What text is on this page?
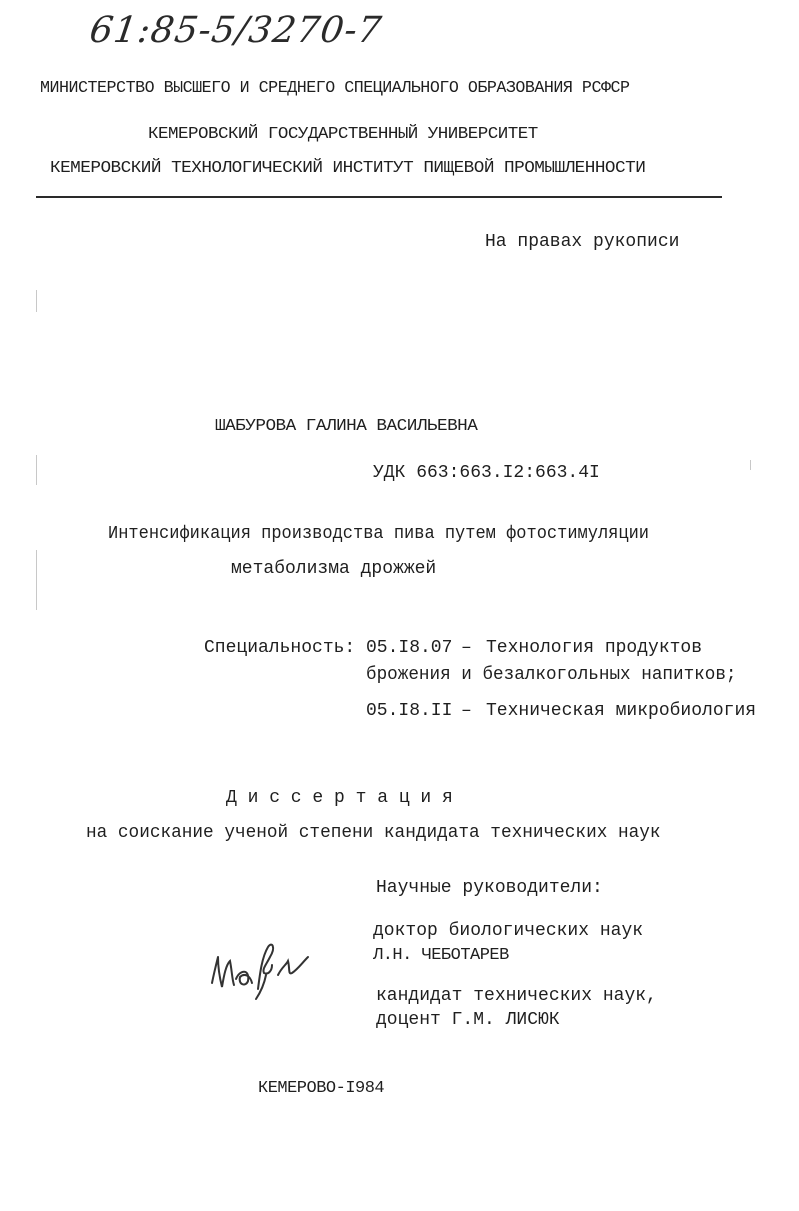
61:85-5/3270-7
МИНИСТЕРСТВО ВЫСШЕГО И СРЕДНЕГО СПЕЦИАЛЬНОГО ОБРАЗОВАНИЯ РСФСР
КЕМЕРОВСКИЙ ГОСУДАРСТВЕННЫЙ УНИВЕРСИТЕТ
КЕМЕРОВСКИЙ ТЕХНОЛОГИЧЕСКИЙ ИНСТИТУТ ПИЩЕВОЙ ПРОМЫШЛЕННОСТИ
На правах рукописи
ШАБУРОВА ГАЛИНА ВАСИЛЬЕВНА
УДК 663:663.I2:663.4I
Интенсификация производства пива путем фотостимуляции
метаболизма дрожжей
Специальность: 05.I8.07 – Технология продуктов
брожения и безалкогольных напитков;
05.I8.II – Техническая микробиология
Д и с с е р т а ц и я
на соискание ученой степени кандидата технических наук
Научные руководители:
доктор биологических наук
Л.Н. ЧЕБОТАРЕВ
кандидат технических наук,
доцент Г.М. ЛИСЮК
КЕМЕРОВО-I984
